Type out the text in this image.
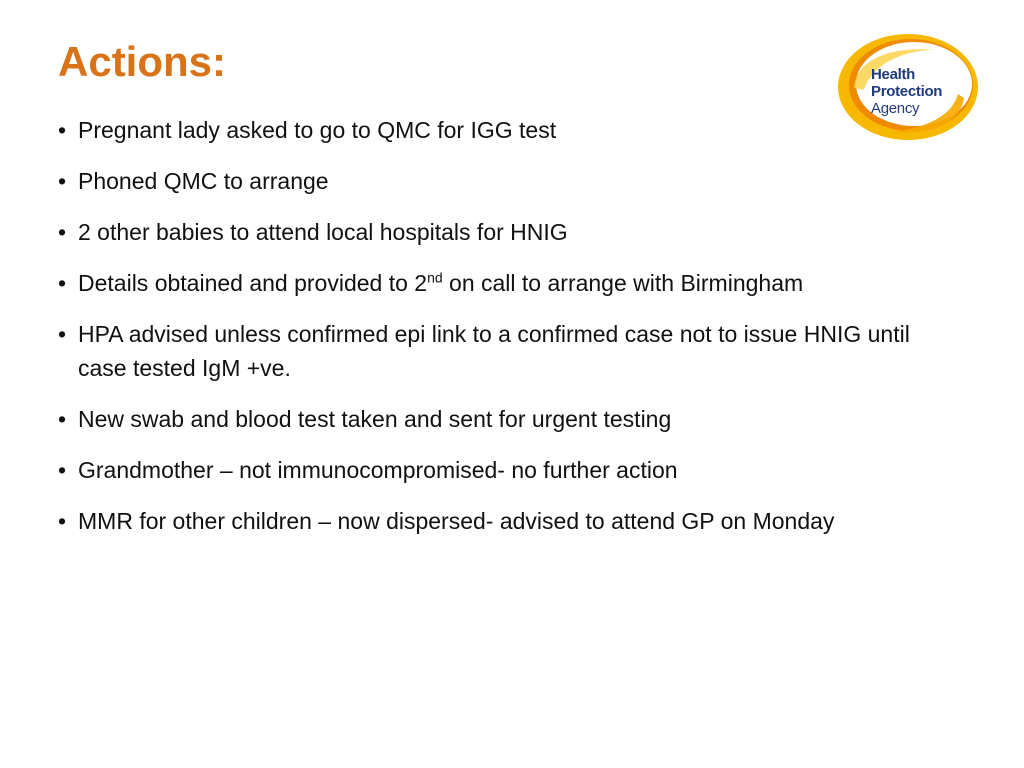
Actions:	Health
Protection
Agency
• Pregnant lady asked to go to QMC for IGG test
• Phoned QMC to arrange
• 2 other babies to attend local hospitals for HNIG
• Details obtained and provided to 2nd on call to arrange with Birmingham
• HPA advised unless confirmed epi link to a confirmed case not to issue HNIG until case tested IgM +ve.
• New swab and blood test taken and sent for urgent testing
• Grandmother – not immunocompromised- no further action
• MMR for other children – now dispersed- advised to attend GP on Monday
